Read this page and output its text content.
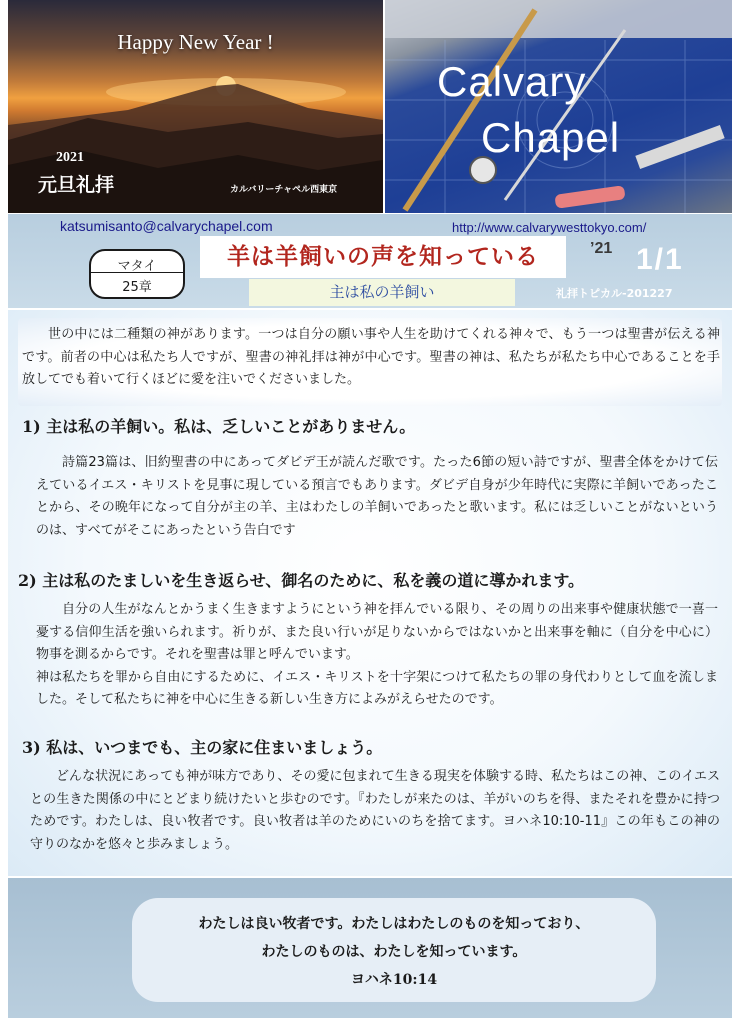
Happy New Year !
2021
元旦礼拝	カルバリーチャペル西東京
Calvary
Chapel
katsumisanto@calvarychapel.com	http://www.calvarywesttokyo.com/
マタイ
25章
羊は羊飼いの声を知っている
主は私の羊飼い
’21 1/1
礼拝トピカル-201227

世の中には二種類の神があります。一つは自分の願い事や人生を助けてくれる神々で、もう一つは聖書が伝える神です。前者の中心は私たち人ですが、聖書の神礼拝は神が中心です。聖書の神は、私たちが私たち中心であることを手放してでも着いて行くほどに愛を注いでくださいました。

1) 主は私の羊飼い。私は、乏しいことがありません。

詩篇23篇は、旧約聖書の中にあってダビデ王が読んだ歌です。たった6節の短い詩ですが、聖書全体をかけて伝えているイエス・キリストを見事に現している預言でもあります。ダビデ自身が少年時代に実際に羊飼いであったことから、その晩年になって自分が主の羊、主はわたしの羊飼いであったと歌います。私には乏しいことがないというのは、すべてがそこにあったという告白です

2) 主は私のたましいを生き返らせ、御名のために、私を義の道に導かれます。

自分の人生がなんとかうまく生きますようにという神を拝んでいる限り、その周りの出来事や健康状態で一喜一憂する信仰生活を強いられます。祈りが、また良い行いが足りないからではないかと出来事を軸に（自分を中心に）物事を測るからです。それを聖書は罪と呼んでいます。

神は私たちを罪から自由にするために、イエス・キリストを十字架につけて私たちの罪の身代わりとして血を流しました。そして私たちに神を中心に生きる新しい生き方によみがえらせたのです。

3) 私は、いつまでも、主の家に住まいましょう。

どんな状況にあっても神が味方であり、その愛に包まれて生きる現実を体験する時、私たちはこの神、このイエスとの生きた関係の中にとどまり続けたいと歩むのです。『わたしが来たのは、羊がいのちを得、またそれを豊かに持つためです。わたしは、良い牧者です。良い牧者は羊のためにいのちを捨てます。ヨハネ10:10-11』この年もこの神の守りのなかを悠々と歩みましょう。

わたしは良い牧者です。わたしはわたしのものを知っており、
わたしのものは、わたしを知っています。
ヨハネ10:14
